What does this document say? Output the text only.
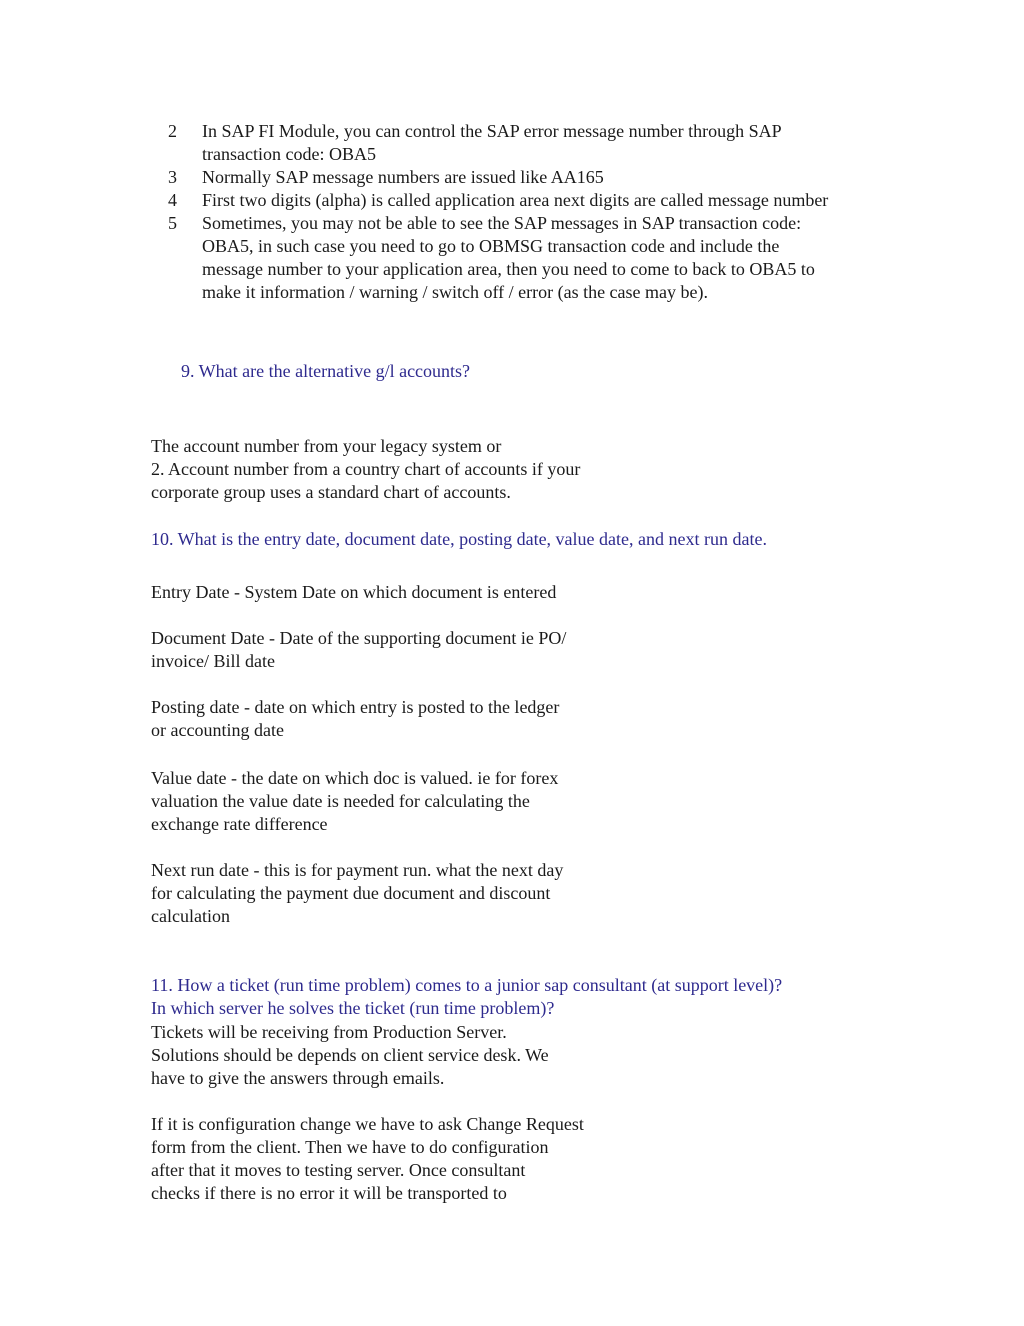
2	In SAP FI Module, you can control the SAP error message number through SAP
transaction code: OBA5
3	Normally SAP message numbers are issued like AA165
4	First two digits (alpha) is called application area next digits are called message number
5	Sometimes, you may not be able to see the SAP messages in SAP transaction code:
OBA5, in such case you need to go to OBMSG transaction code and include the
message number to your application area, then you need to come to back to OBA5 to
make it information / warning / switch off / error (as the case may be).
9. What are the alternative g/l accounts?
The account number from your legacy system or
2. Account number from a country chart of accounts if your
corporate group uses a standard chart of accounts.
10. What is the entry date, document date, posting date, value date, and next run date.
Entry Date - System Date on which document is entered
Document Date - Date of the supporting document ie PO/
invoice/ Bill date
Posting date - date on which entry is posted to the ledger
or accounting date
Value date - the date on which doc is valued. ie for forex
valuation the value date is needed for calculating the
exchange rate difference
Next run date - this is for payment run. what the next day
for calculating the payment due document and discount
calculation
11. How a ticket (run time problem) comes to a junior sap consultant (at support level)?
In which server he solves the ticket (run time problem)?
Tickets will be receiving from Production Server.
Solutions should be depends on client service desk. We
have to give the answers through emails.
If it is configuration change we have to ask Change Request
form from the client. Then we have to do configuration
after that it moves to testing server. Once consultant
checks if there is no error it will be transported to
